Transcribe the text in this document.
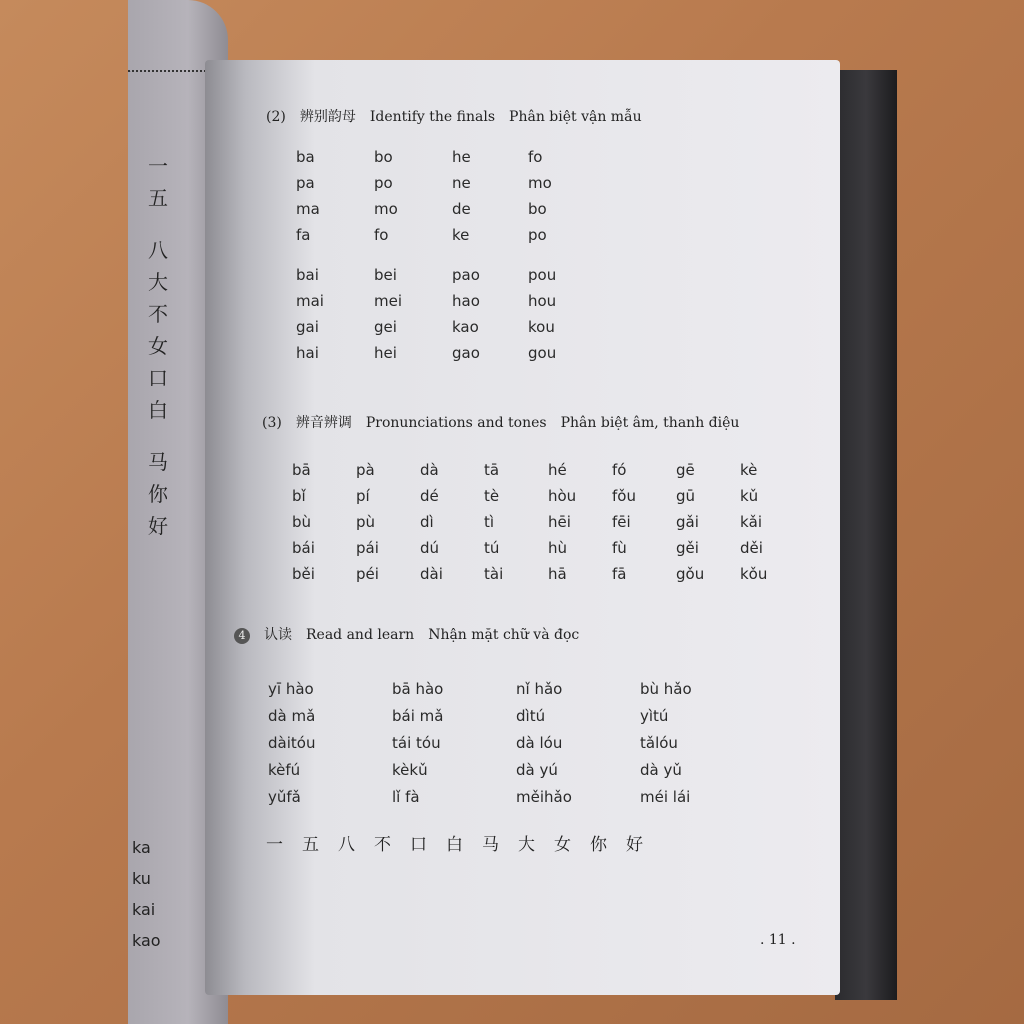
一
五
八
大
不
女
口
白
马
你
好
ka
ku
kai
kao
(2) 辨别韵母 Identify the finals Phân biệt vận mẫu
ba	bo	he	fo
pa	po	ne	mo
ma	mo	de	bo
fa	fo	ke	po
bai	bei	pao	pou
mai	mei	hao	hou
gai	gei	kao	kou
hai	hei	gao	gou
(3) 辨音辨调 Pronunciations and tones Phân biệt âm, thanh điệu
bā	pà	dà	tā	hé	fó	gē	kè
bǐ	pí	dé	tè	hòu	fǒu	gū	kǔ
bù	pù	dì	tì	hēi	fēi	gǎi	kǎi
bái	pái	dú	tú	hù	fù	gěi	děi
běi	péi	dài	tài	hā	fā	gǒu	kǒu
4 认读 Read and learn Nhận mặt chữ và đọc
yī hào	bā hào	nǐ hǎo	bù hǎo
dà mǎ	bái mǎ	dìtú	yìtú
dàitóu	tái tóu	dà lóu	tǎlóu
kèfú	kèkǔ	dà yú	dà yǔ
yǔfǎ	lǐ fà	měihǎo	méi lái
一 五 八 不 口 白 马 大 女 你 好
. 11 .
